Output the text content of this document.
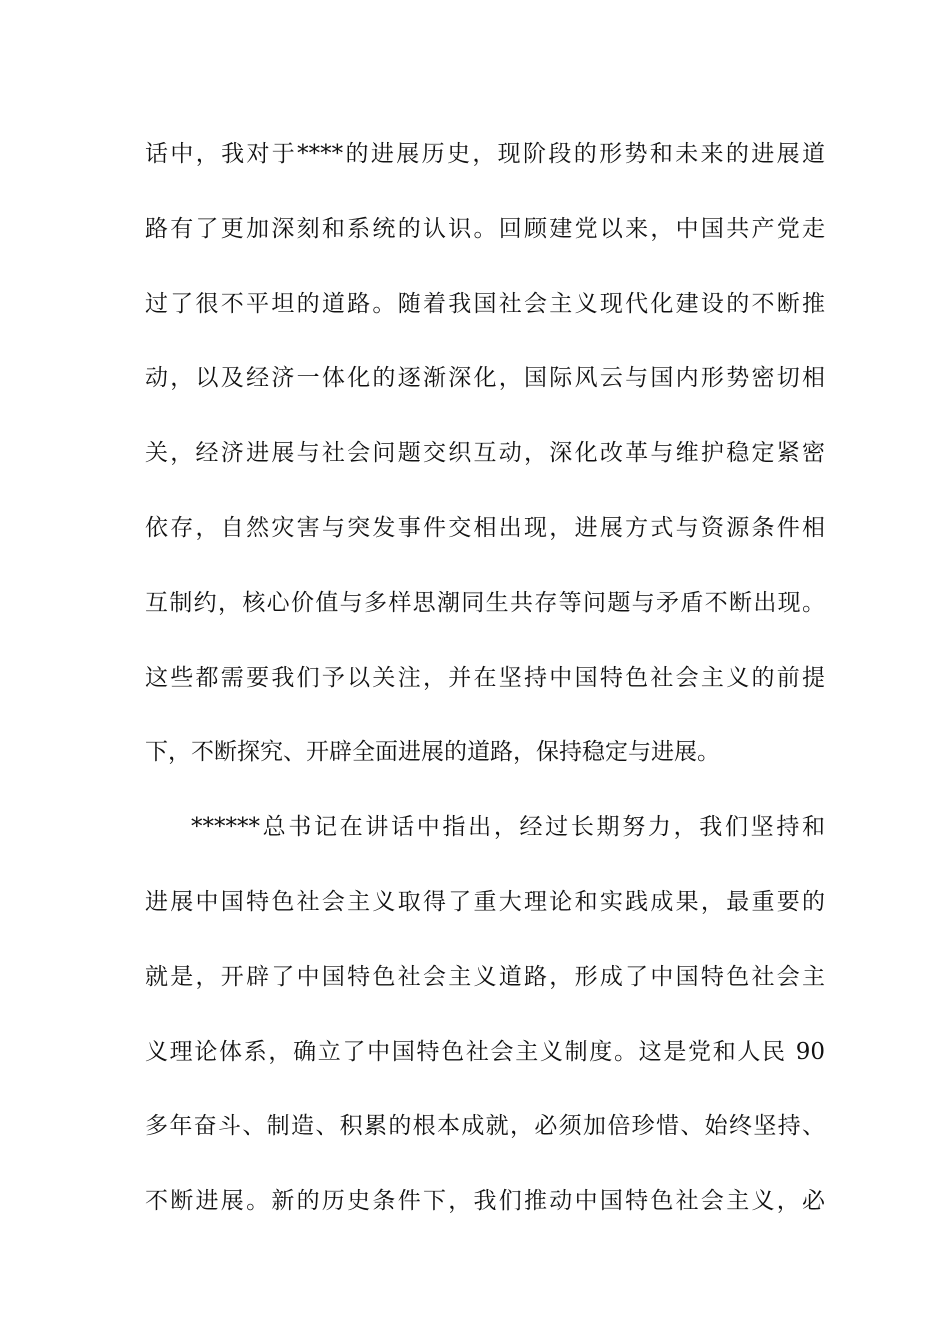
话中，我对于****的进展历史，现阶段的形势和未来的进展道
路有了更加深刻和系统的认识。回顾建党以来，中国共产党走
过了很不平坦的道路。随着我国社会主义现代化建设的不断推
动，以及经济一体化的逐渐深化，国际风云与国内形势密切相
关，经济进展与社会问题交织互动，深化改革与维护稳定紧密
依存，自然灾害与突发事件交相出现，进展方式与资源条件相
互制约，核心价值与多样思潮同生共存等问题与矛盾不断出现。
这些都需要我们予以关注，并在坚持中国特色社会主义的前提
下，不断探究、开辟全面进展的道路，保持稳定与进展。
******总书记在讲话中指出，经过长期努力，我们坚持和
进展中国特色社会主义取得了重大理论和实践成果，最重要的
就是，开辟了中国特色社会主义道路，形成了中国特色社会主
义理论体系，确立了中国特色社会主义制度。这是党和人民 90
多年奋斗、制造、积累的根本成就，必须加倍珍惜、始终坚持、
不断进展。新的历史条件下，我们推动中国特色社会主义，必
